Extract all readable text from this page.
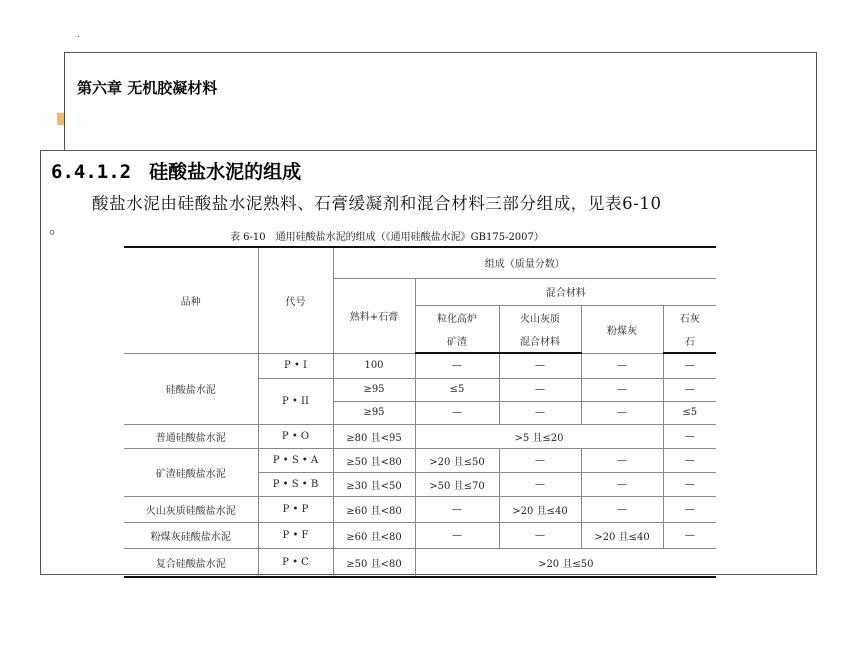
.
第六章 无机胶凝材料
6.4.1.2 硅酸盐水泥的组成
酸盐水泥由硅酸盐水泥熟料、石膏缓凝剂和混合材料三部分组成，见表6-10
。
表 6-10　通用硅酸盐水泥的组成（《通用硅酸盐水泥》GB175-2007）
品种	代号	组成（质量分数）				
		熟料+石膏	混合材料			
			粒化高炉	火山灰质	粉煤灰	石灰
			矿渣	混合材料		石
硅酸盐水泥	P • I	100	—	—	—	—
	P • II	≥95	≤5	—	—	—
		≥95	—	—	—	≤5
普通硅酸盐水泥	P • O	≥80 且<95	>5 且≤20			—
矿渣硅酸盐水泥	P • S • A	≥50 且<80	>20 且≤50	—	—	—
	P • S • B	≥30 且<50	>50 且≤70	—	—	—
火山灰质硅酸盐水泥	P • P	≥60 且<80	—	>20 且≤40	—	—
粉煤灰硅酸盐水泥	P • F	≥60 且<80	—	—	>20 且≤40	—
复合硅酸盐水泥	P • C	≥50 且<80	>20 且≤50			
